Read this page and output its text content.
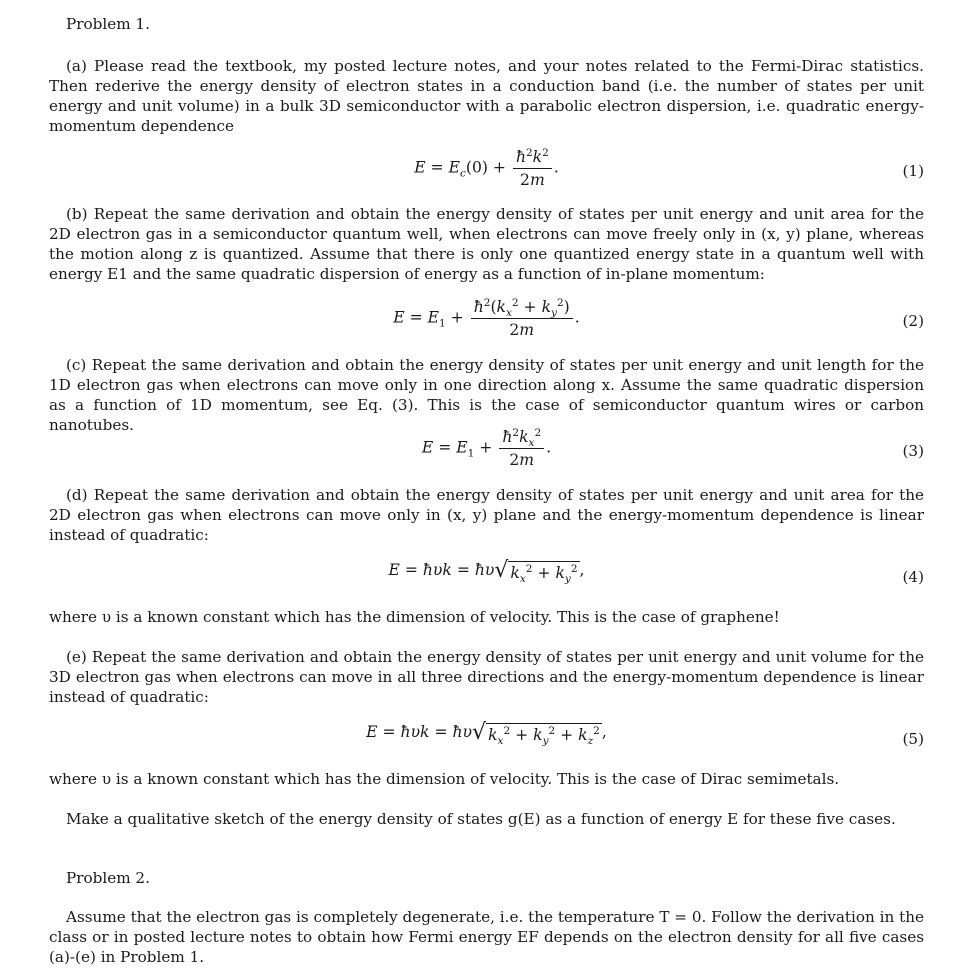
Problem 1.

(a) Please read the textbook, my posted lecture notes, and your notes related to the Fermi-Dirac statistics. Then rederive the energy density of electron states in a conduction band (i.e. the number of states per unit energy and unit volume) in a bulk 3D semiconductor with a parabolic electron dispersion, i.e. quadratic energy-momentum dependence

$E = E_c(0) + \frac{ħ^2k^2}{2m}$ .	(1)

(b) Repeat the same derivation and obtain the energy density of states per unit energy and unit area for the 2D electron gas in a semiconductor quantum well, when electrons can move freely only in (x, y) plane, whereas the motion along z is quantized. Assume that there is only one quantized energy state in a quantum well with energy E1 and the same quadratic dispersion of energy as a function of in-plane momentum:

$E = E_1 + \frac{ħ^2(k_x^2 + k_y^2)}{2m}$ .	(2)

(c) Repeat the same derivation and obtain the energy density of states per unit energy and unit length for the 1D electron gas when electrons can move only in one direction along x. Assume the same quadratic dispersion as a function of 1D momentum, see Eq. (3). This is the case of semiconductor quantum wires or carbon nanotubes.

$E = E_1 + \frac{ħ^2k_x^2}{2m}$ .	(3)

(d) Repeat the same derivation and obtain the energy density of states per unit energy and unit area for the 2D electron gas when electrons can move only in (x, y) plane and the energy-momentum dependence is linear instead of quadratic:

E = ħυk = ħυ√ $k_x^2 + k_y^2$ ,	(4)

where υ is a known constant which has the dimension of velocity. This is the case of graphene!

(e) Repeat the same derivation and obtain the energy density of states per unit energy and unit volume for the 3D electron gas when electrons can move in all three directions and the energy-momentum dependence is linear instead of quadratic:

E = ħυk = ħυ√ $k_x^2 + k_y^2 + k_z^2$ ,	(5)

where υ is a known constant which has the dimension of velocity. This is the case of Dirac semimetals.

Make a qualitative sketch of the energy density of states g(E) as a function of energy E for these five cases.

Problem 2.

Assume that the electron gas is completely degenerate, i.e. the temperature T = 0. Follow the derivation in the class or in posted lecture notes to obtain how Fermi energy EF depends on the electron density for all five cases (a)-(e) in Problem 1.
